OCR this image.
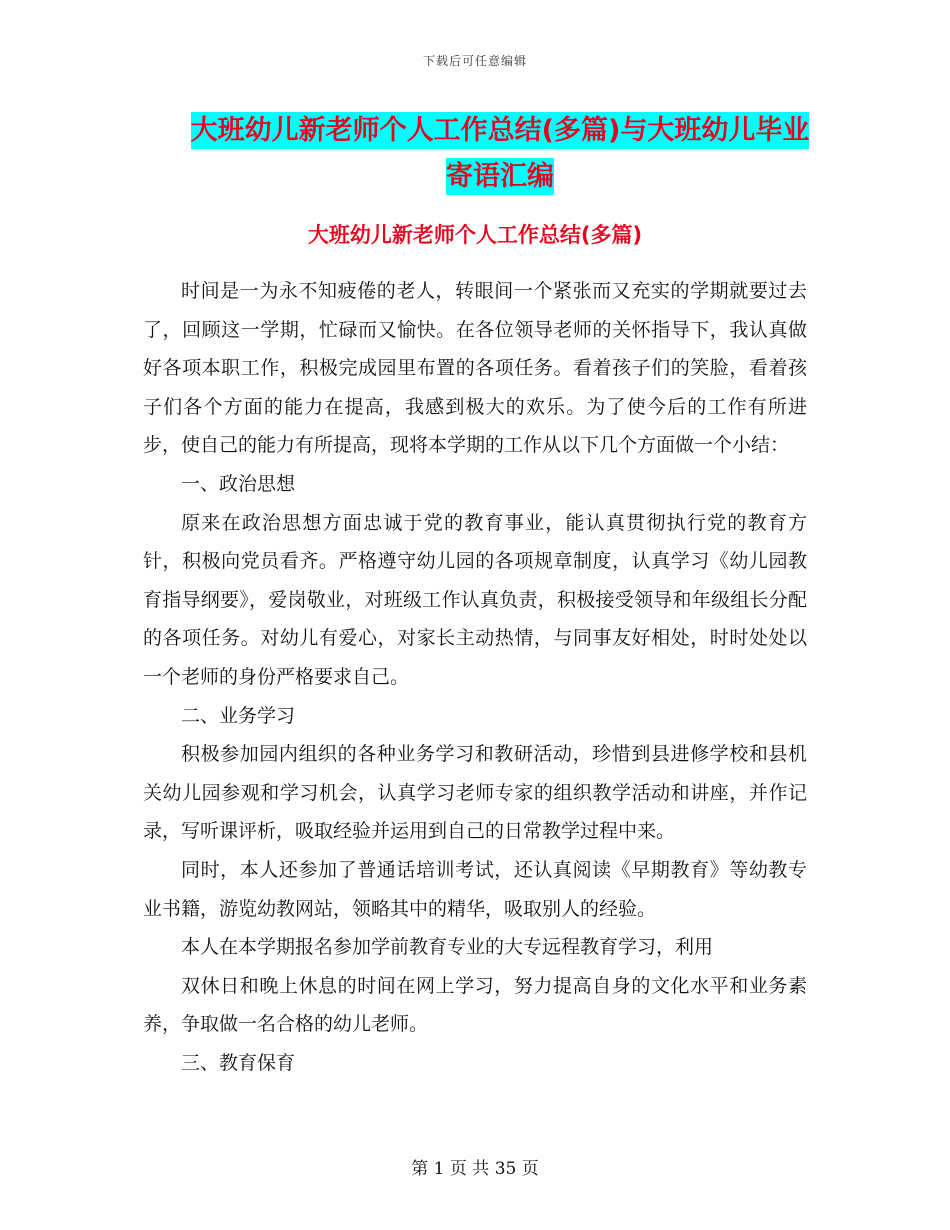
下载后可任意编辑
大班幼儿新老师个人工作总结(多篇)与大班幼儿毕业
寄语汇编
大班幼儿新老师个人工作总结(多篇)

时间是一为永不知疲倦的老人，转眼间一个紧张而又充实的学期就要过去了，回顾这一学期，忙碌而又愉快。在各位领导老师的关怀指导下，我认真做好各项本职工作，积极完成园里布置的各项任务。看着孩子们的笑脸，看着孩子们各个方面的能力在提高，我感到极大的欢乐。为了使今后的工作有所进步，使自己的能力有所提高，现将本学期的工作从以下几个方面做一个小结：

一、政治思想

原来在政治思想方面忠诚于党的教育事业，能认真贯彻执行党的教育方针，积极向党员看齐。严格遵守幼儿园的各项规章制度，认真学习《幼儿园教育指导纲要》，爱岗敬业，对班级工作认真负责，积极接受领导和年级组长分配的各项任务。对幼儿有爱心，对家长主动热情，与同事友好相处，时时处处以一个老师的身份严格要求自己。

二、业务学习

积极参加园内组织的各种业务学习和教研活动，珍惜到县进修学校和县机关幼儿园参观和学习机会，认真学习老师专家的组织教学活动和讲座，并作记录，写听课评析，吸取经验并运用到自己的日常教学过程中来。

同时，本人还参加了普通话培训考试，还认真阅读《早期教育》等幼教专业书籍，游览幼教网站，领略其中的精华，吸取别人的经验。

本人在本学期报名参加学前教育专业的大专远程教育学习，利用

双休日和晚上休息的时间在网上学习，努力提高自身的文化水平和业务素养，争取做一名合格的幼儿老师。

三、教育保育

第 1 页 共 35 页
